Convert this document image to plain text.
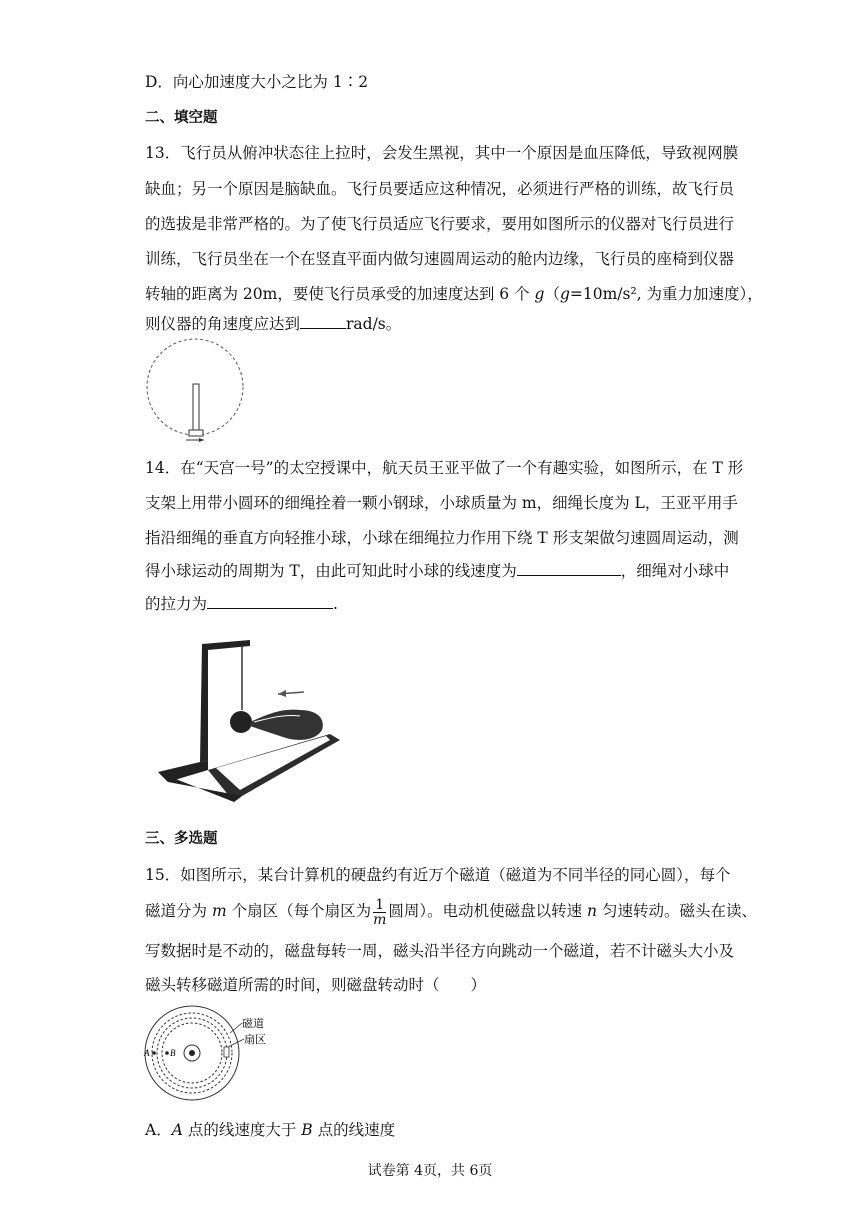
D．向心加速度大小之比为 1∶2
二、填空题
13．飞行员从俯冲状态往上拉时，会发生黑视，其中一个原因是血压降低，导致视网膜
缺血；另一个原因是脑缺血。飞行员要适应这种情况，必须进行严格的训练，故飞行员
的选拔是非常严格的。为了使飞行员适应飞行要求，要用如图所示的仪器对飞行员进行
训练，飞行员坐在一个在竖直平面内做匀速圆周运动的舱内边缘，飞行员的座椅到仪器
转轴的距离为 20m，要使飞行员承受的加速度达到 6 个 g（g=10m/s², 为重力加速度），
则仪器的角速度应达到	rad/s。
14．在“天宫一号”的太空授课中，航天员王亚平做了一个有趣实验，如图所示，在 T 形
支架上用带小圆环的细绳拴着一颗小钢球，小球质量为 m，细绳长度为 L，王亚平用手
指沿细绳的垂直方向轻推小球，小球在细绳拉力作用下绕 T 形支架做匀速圆周运动，测
得小球运动的周期为 T，由此可知此时小球的线速度为	，细绳对小球中
的拉力为	.
三、多选题
15．如图所示，某台计算机的硬盘约有近万个磁道（磁道为不同半径的同心圆），每个
磁道分为 m 个扇区（每个扇区为 $\frac{1}{m}$ 圆周）。电动机使磁盘以转速 n 匀速转动。磁头在读、
写数据时是不动的，磁盘每转一周，磁头沿半径方向跳动一个磁道，若不计磁头大小及
磁头转移磁道所需的时间，则磁盘转动时（　　）
A B
磁道
扇区
A．A 点的线速度大于 B 点的线速度
试卷第 4页，共 6页
